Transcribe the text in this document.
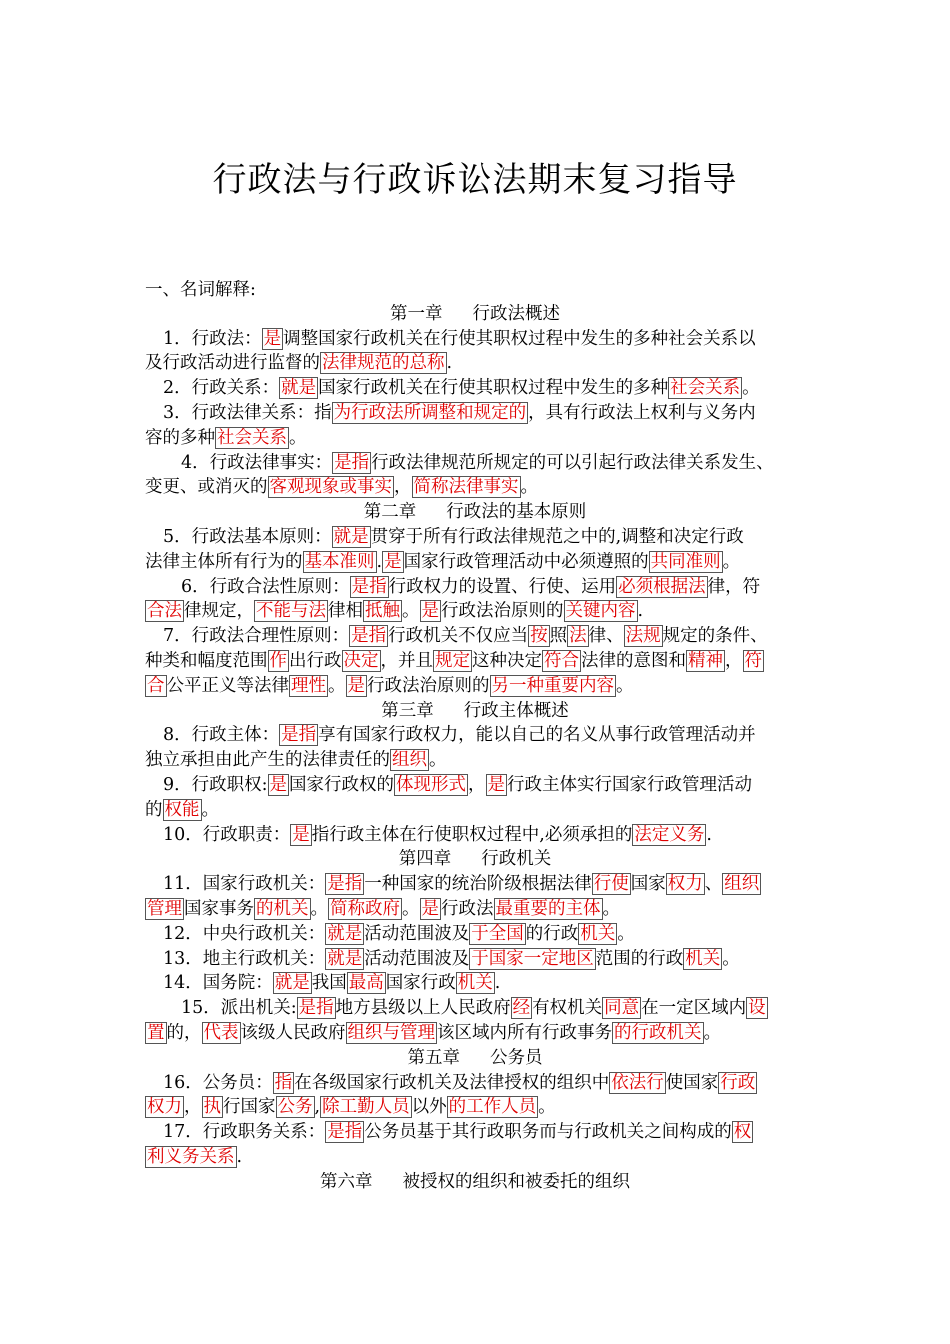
行政法与行政诉讼法期末复习指导
一、名词解释:
第一章 行政法概述
1．行政法： 是 调整国家行政机关在行使其职权过程中发生的多种社会关系以
及行政活动进行监督的 法律规范的总称 .
2．行政关系： 就是 国家行政机关在行使其职权过程中发生的多种 社会关系 。
3．行政法律关系：指 为行政法所调整和规定的 ，具有行政法上权利与义务内
容的多种 社会关系 。
4．行政法律事实： 是指 行政法律规范所规定的可以引起行政法律关系发生、
变更、或消灭的 客观现象或事实 ， 简称法律事实 。
第二章 行政法的基本原则
5．行政法基本原则： 就是 贯穿于所有行政法律规范之中的,调整和决定行政
法律主体所有行为的 基本准则 . 是 国家行政管理活动中必须遵照的 共同准则 。
6．行政合法性原则： 是指 行政权力的设置、行使、运用 必须根据法 律，符
合法 律规定， 不能与法 律相 抵触 。 是 行政法治原则的 关键内容 .
7．行政法合理性原则： 是指 行政机关不仅应当 按 照 法 律、 法规 规定的条件、
种类和幅度范围 作 出行政 决定 ，并且 规定 这种决定 符合 法律的意图和 精神 ， 符
合 公平正义等法律 理性 。 是 行政法治原则的 另一种重要内容 。
第三章 行政主体概述
8．行政主体： 是指 享有国家行政权力，能以自己的名义从事行政管理活动并
独立承担由此产生的法律责任的 组织 。
9．行政职权: 是 国家行政权的 体现形式 ， 是 行政主体实行国家行政管理活动
的 权能 。
10．行政职责： 是 指行政主体在行使职权过程中,必须承担的 法定义务 .
第四章 行政机关
11．国家行政机关： 是指 一种国家的统治阶级根据法律 行使 国家 权力 、 组织
管理 国家事务 的机关 。 简称政府 。 是 行政法 最重要的主体 。
12．中央行政机关： 就是 活动范围波及 于全国 的行政 机关 。
13．地主行政机关： 就是 活动范围波及 于国家一定地区 范围的行政 机关 。
14．国务院： 就是 我国 最高 国家行政 机关 .
15．派出机关: 是指 地方县级以上人民政府 经 有权机关 同意 在一定区域内 设
置 的， 代表 该级人民政府 组织与管理 该区域内所有行政事务 的行政机关 。
第五章 公务员
16．公务员： 指 在各级国家行政机关及法律授权的组织中 依法行 使国家 行政
权力 ， 执 行国家 公务 , 除工勤人员 以外 的工作人员 。
17．行政职务关系： 是指 公务员基于其行政职务而与行政机关之间构成的 权
利义务关系 .
第六章 被授权的组织和被委托的组织
